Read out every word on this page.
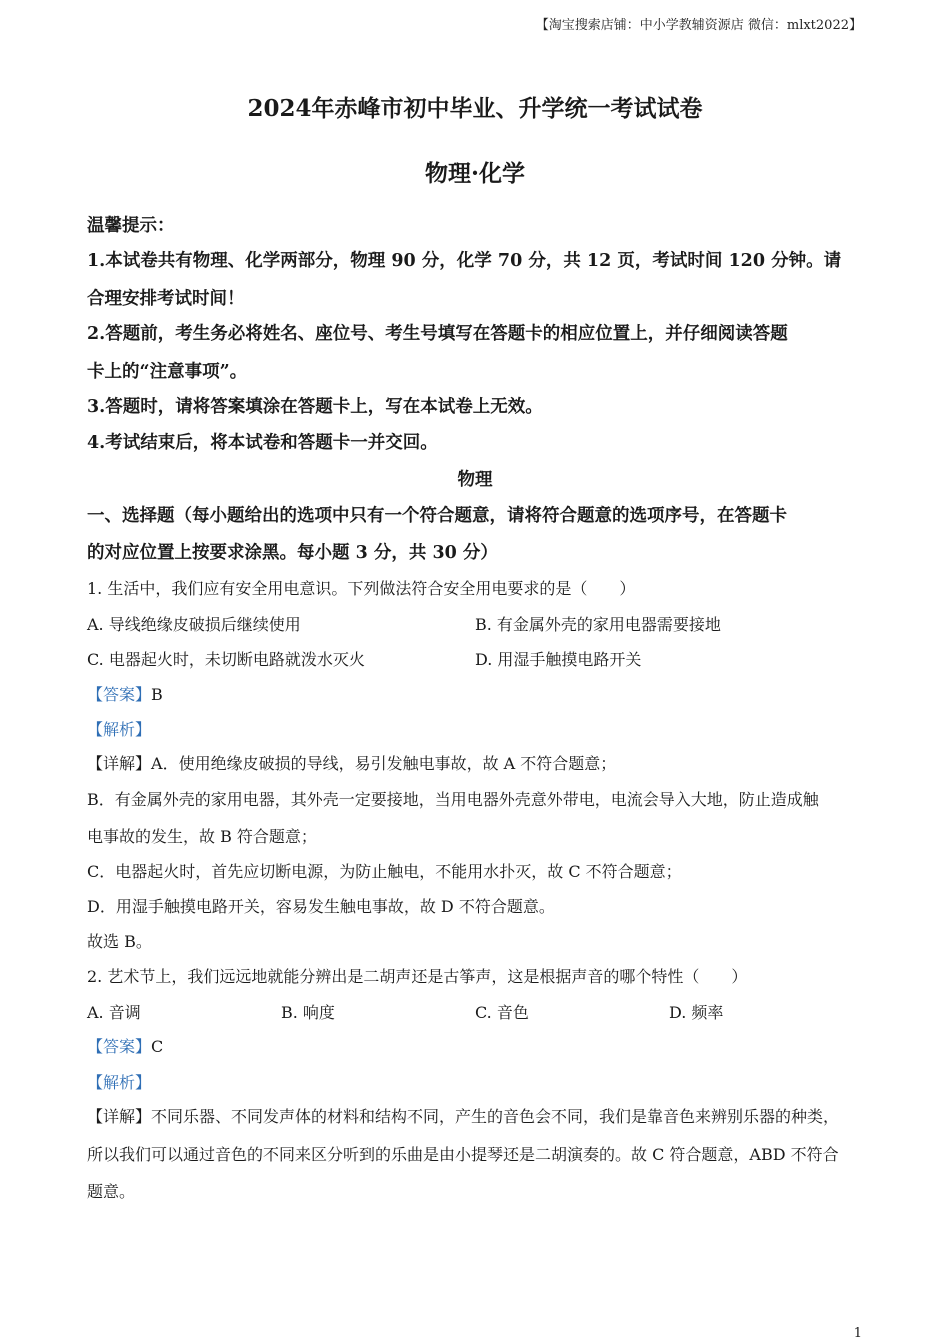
【淘宝搜索店铺：中小学教辅资源店 微信：mlxt2022】
2024年赤峰市初中毕业、升学统一考试试卷
物理·化学
温馨提示：
1.本试卷共有物理、化学两部分，物理 90 分，化学 70 分，共 12 页，考试时间 120 分钟。请
合理安排考试时间！
2.答题前，考生务必将姓名、座位号、考生号填写在答题卡的相应位置上，并仔细阅读答题
卡上的“注意事项”。
3.答题时，请将答案填涂在答题卡上，写在本试卷上无效。
4.考试结束后，将本试卷和答题卡一并交回。
物理
一、选择题（每小题给出的选项中只有一个符合题意，请将符合题意的选项序号，在答题卡
的对应位置上按要求涂黑。每小题 3 分，共 30 分）
1. 生活中，我们应有安全用电意识。下列做法符合安全用电要求的是（　　）
A. 导线绝缘皮破损后继续使用	B. 有金属外壳的家用电器需要接地
C. 电器起火时，未切断电路就泼水灭火	D. 用湿手触摸电路开关
【答案】B
【解析】
【详解】A．使用绝缘皮破损的导线，易引发触电事故，故 A 不符合题意；
B．有金属外壳的家用电器，其外壳一定要接地，当用电器外壳意外带电，电流会导入大地，防止造成触
电事故的发生，故 B 符合题意；
C．电器起火时，首先应切断电源，为防止触电，不能用水扑灭，故 C 不符合题意；
D．用湿手触摸电路开关，容易发生触电事故，故 D 不符合题意。
故选 B。
2. 艺术节上，我们远远地就能分辨出是二胡声还是古筝声，这是根据声音的哪个特性（　　）
A. 音调	B. 响度	C. 音色	D. 频率
【答案】C
【解析】
【详解】不同乐器、不同发声体的材料和结构不同，产生的音色会不同，我们是靠音色来辨别乐器的种类，
所以我们可以通过音色的不同来区分听到的乐曲是由小提琴还是二胡演奏的。故 C 符合题意，ABD 不符合
题意。
1
